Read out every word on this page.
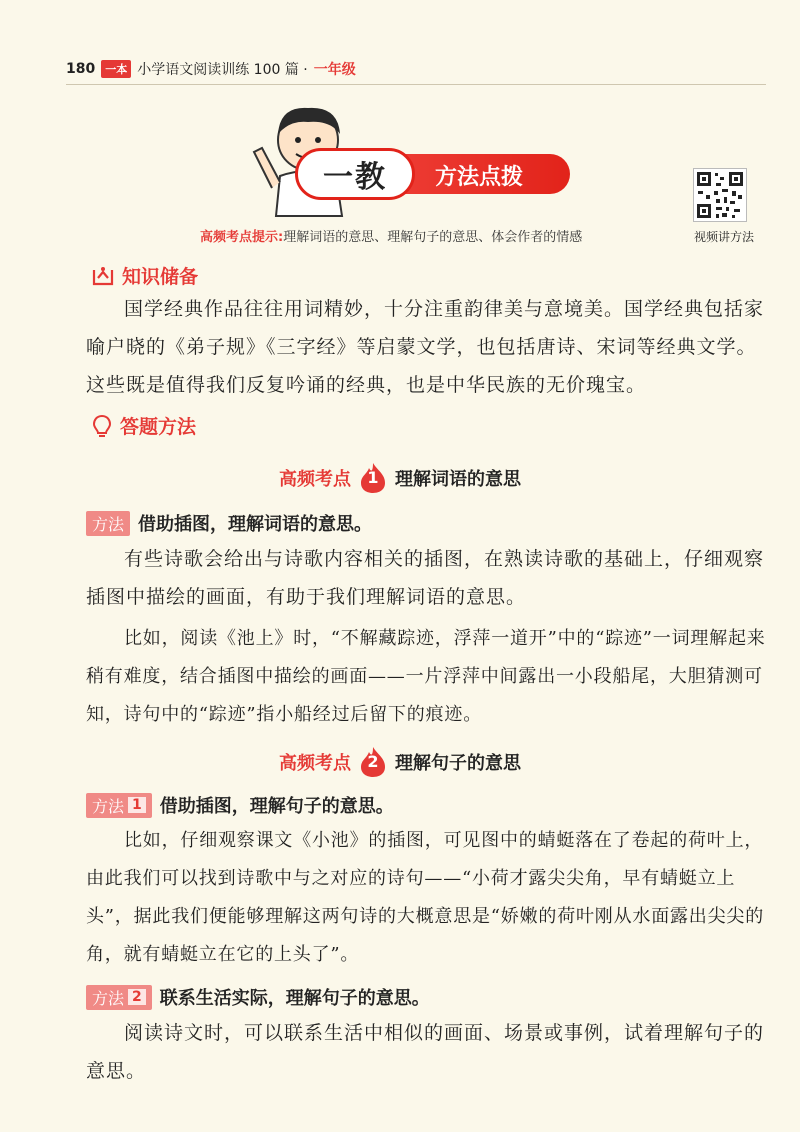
180 一本 小学语文阅读训练 100 篇 · 一年级
一教	方法点拨
视频讲方法
高频考点提示:理解词语的意思、理解句子的意思、体会作者的情感
知识储备

国学经典作品往往用词精妙，十分注重韵律美与意境美。国学经典包括家喻户晓的《弟子规》《三字经》等启蒙文学，也包括唐诗、宋词等经典文学。这些既是值得我们反复吟诵的经典，也是中华民族的无价瑰宝。

答题方法
高频考点	1 理解词语的意思
方法 借助插图，理解词语的意思。

有些诗歌会给出与诗歌内容相关的插图，在熟读诗歌的基础上，仔细观察插图中描绘的画面，有助于我们理解词语的意思。

比如，阅读《池上》时，“不解藏踪迹，浮萍一道开”中的“踪迹”一词理解起来稍有难度，结合插图中描绘的画面——一片浮萍中间露出一小段船尾，大胆猜测可知，诗句中的“踪迹”指小船经过后留下的痕迹。

高频考点	2 理解句子的意思
方法 1 借助插图，理解句子的意思。

比如，仔细观察课文《小池》的插图，可见图中的蜻蜓落在了卷起的荷叶上，由此我们可以找到诗歌中与之对应的诗句——“小荷才露尖尖角，早有蜻蜓立上头”，据此我们便能够理解这两句诗的大概意思是“娇嫩的荷叶刚从水面露出尖尖的角，就有蜻蜓立在它的上头了”。

方法 2 联系生活实际，理解句子的意思。

阅读诗文时，可以联系生活中相似的画面、场景或事例，试着理解句子的意思。
